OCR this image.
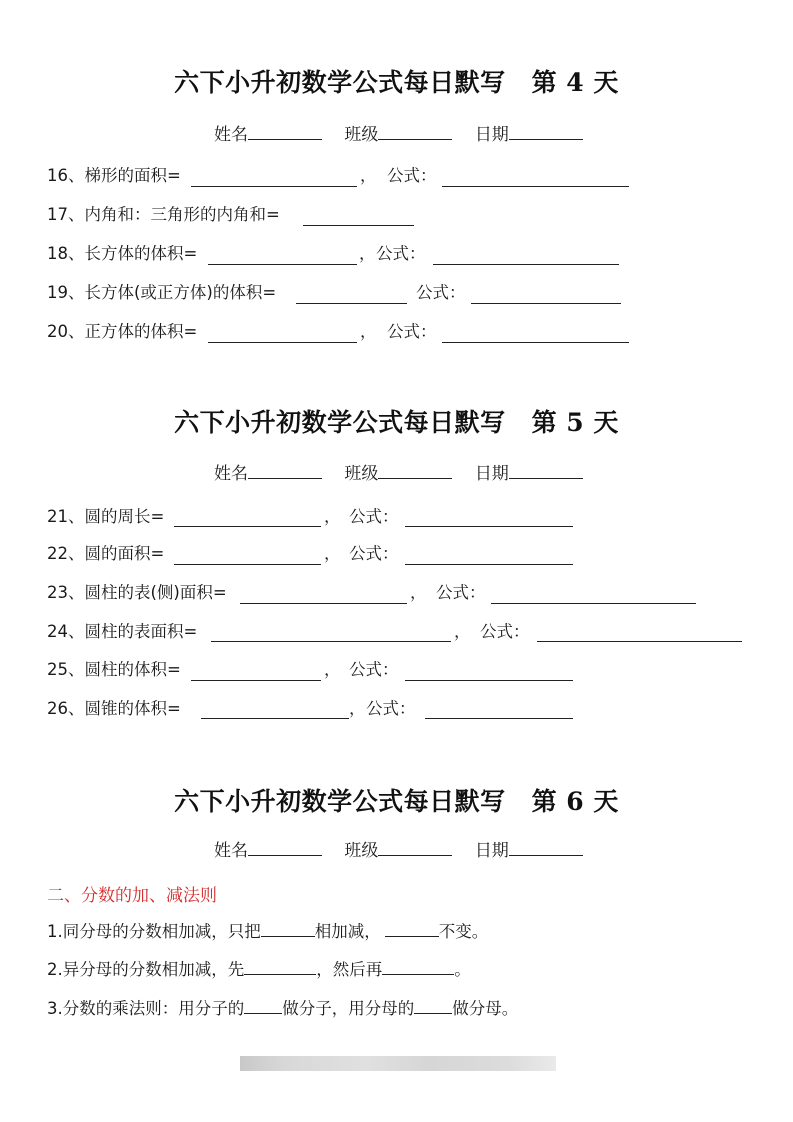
六下小升初数学公式每日默写 第 4 天
姓名	班级	日期
16、梯形的面积=	， 公式：
17、内角和：三角形的内角和=
18、长方体的体积=	， 公式：
19、长方体(或正方体)的体积=	公式：
20、正方体的体积=	， 公式：
六下小升初数学公式每日默写 第 5 天
姓名	班级	日期
21、圆的周长=	， 公式：
22、圆的面积=	， 公式：
23、圆柱的表(侧)面积=	， 公式：
24、圆柱的表面积=	， 公式：
25、圆柱的体积=	， 公式：
26、圆锥的体积=	， 公式：
六下小升初数学公式每日默写 第 6 天
姓名	班级	日期
二、分数的加、减法则
1.同分母的分数相加减，只把	相加减，	不变。
2.异分母的分数相加减，先	，然后再	。
3.分数的乘法则：用分子的 做分子，用分母的 做分母。
